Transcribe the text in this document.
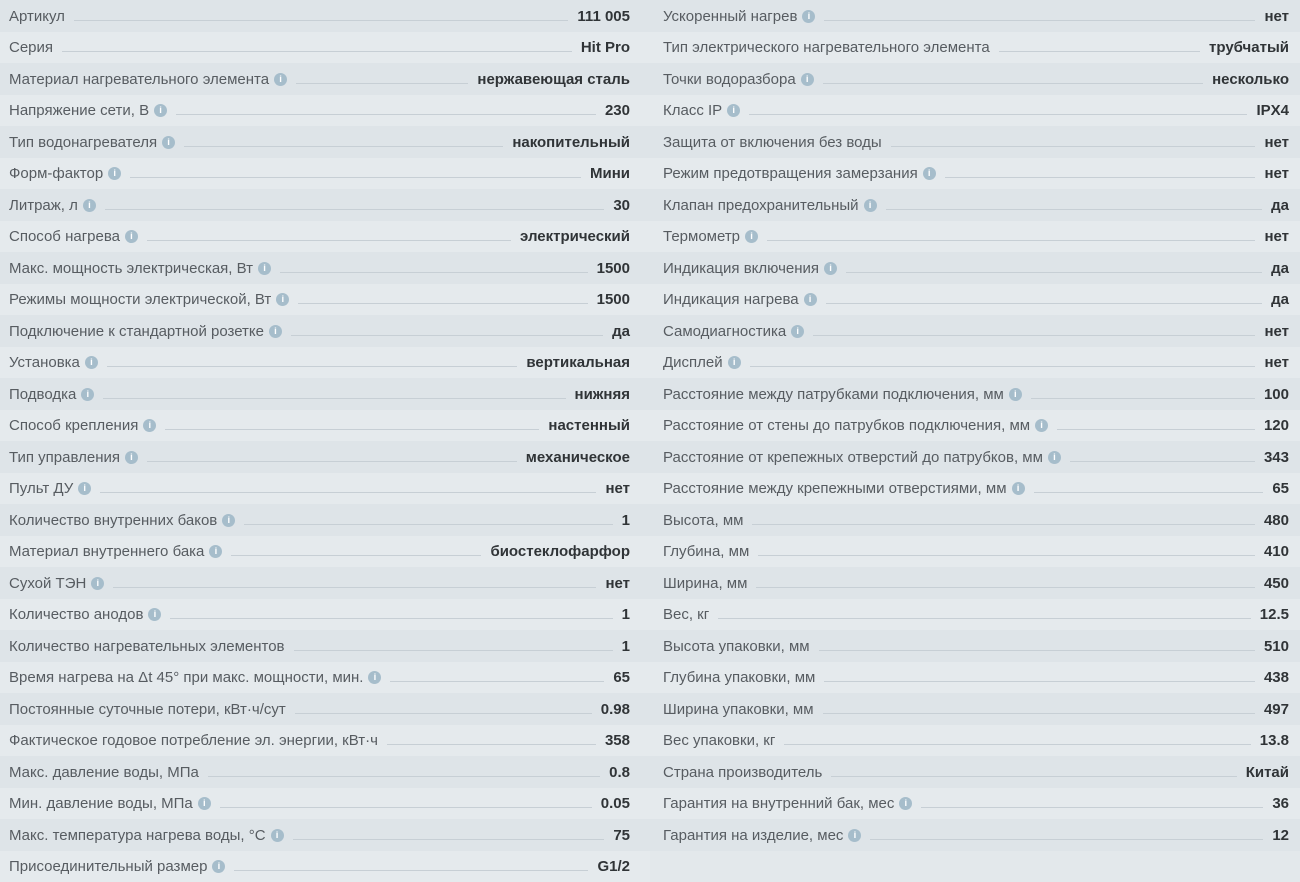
Артикул	111 005
Серия	Hit Pro
Материал нагревательного элемента	i	нержавеющая сталь
Напряжение сети, В	i	230
Тип водонагревателя	i	накопительный
Форм-фактор	i	Мини
Литраж, л	i	30
Способ нагрева	i	электрический
Макс. мощность электрическая, Вт	i	1500
Режимы мощности электрической, Вт	i	1500
Подключение к стандартной розетке	i	да
Установка	i	вертикальная
Подводка	i	нижняя
Способ крепления	i	настенный
Тип управления	i	механическое
Пульт ДУ	i	нет
Количество внутренних баков	i	1
Материал внутреннего бака	i	биостеклофарфор
Сухой ТЭН	i	нет
Количество анодов	i	1
Количество нагревательных элементов	1
Время нагрева на Δt 45° при макс. мощности, мин.	i	65
Постоянные суточные потери, кВт·ч/сут	0.98
Фактическое годовое потребление эл. энергии, кВт·ч	358
Макс. давление воды, МПа	0.8
Мин. давление воды, МПа	i	0.05
Макс. температура нагрева воды, °С	i	75
Присоединительный размер	i	G1/2
Ускоренный нагрев	i	нет
Тип электрического нагревательного элемента	трубчатый
Точки водоразбора	i	несколько
Класс IP	i	IPX4
Защита от включения без воды	нет
Режим предотвращения замерзания	i	нет
Клапан предохранительный	i	да
Термометр	i	нет
Индикация включения	i	да
Индикация нагрева	i	да
Самодиагностика	i	нет
Дисплей	i	нет
Расстояние между патрубками подключения, мм	i	100
Расстояние от стены до патрубков подключения, мм	i	120
Расстояние от крепежных отверстий до патрубков, мм	i	343
Расстояние между крепежными отверстиями, мм	i	65
Высота, мм	480
Глубина, мм	410
Ширина, мм	450
Вес, кг	12.5
Высота упаковки, мм	510
Глубина упаковки, мм	438
Ширина упаковки, мм	497
Вес упаковки, кг	13.8
Страна производитель	Китай
Гарантия на внутренний бак, мес	i	36
Гарантия на изделие, мес	i	12
